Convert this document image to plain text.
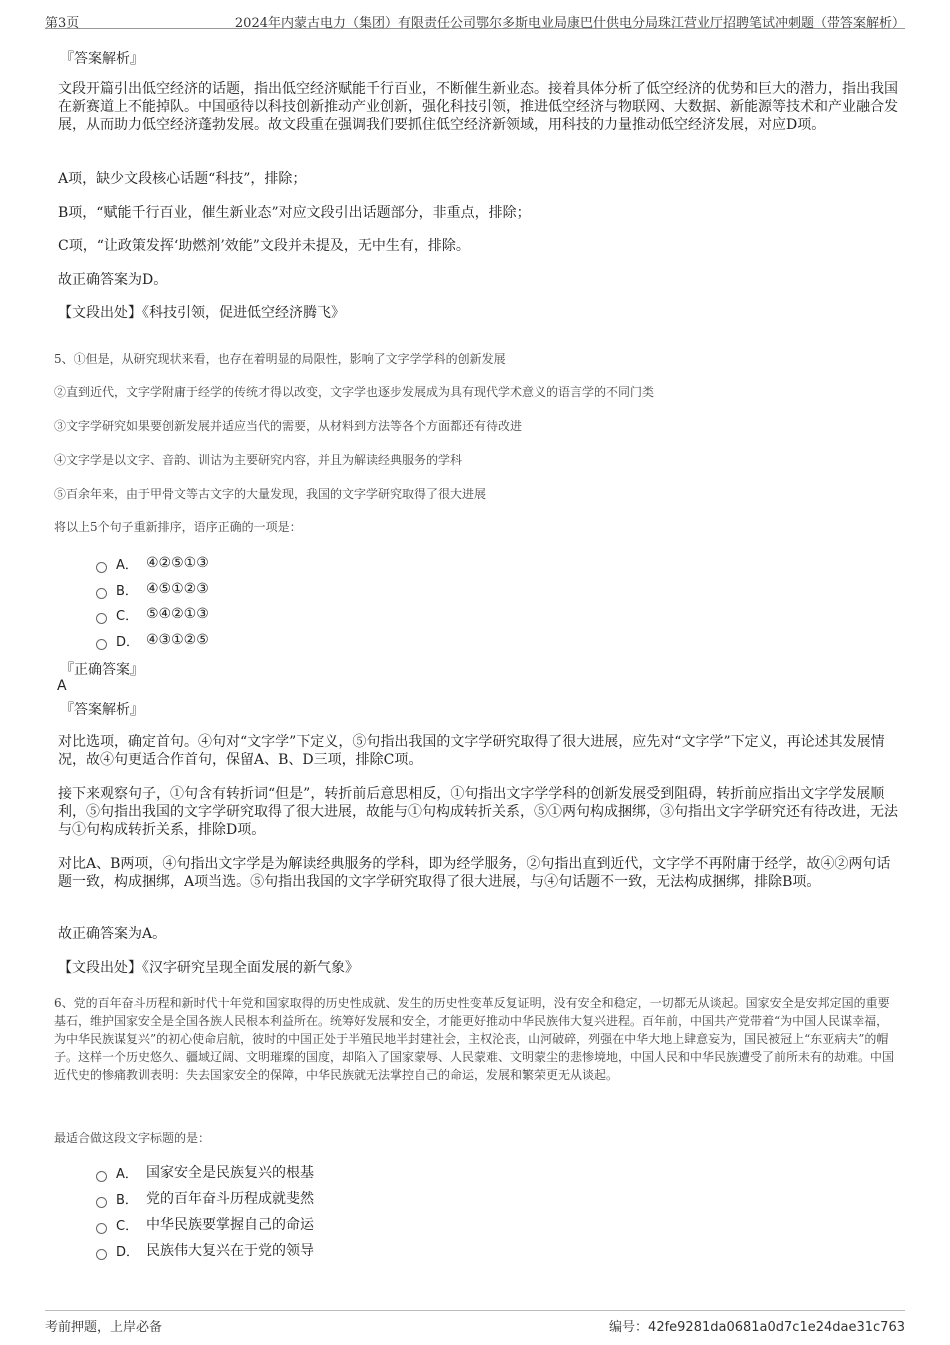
第3页	2024年内蒙古电力（集团）有限责任公司鄂尔多斯电业局康巴什供电分局珠江营业厅招聘笔试冲刺题（带答案解析）
『答案解析』
文段开篇引出低空经济的话题，指出低空经济赋能千行百业，不断催生新业态。接着具体分析了低空经济的优势和巨大的潜力，指出我国在新赛道上不能掉队。中国亟待以科技创新推动产业创新，强化科技引领，推进低空经济与物联网、大数据、新能源等技术和产业融合发展，从而助力低空经济蓬勃发展。故文段重在强调我们要抓住低空经济新领域，用科技的力量推动低空经济发展，对应D项。
A项，缺少文段核心话题“科技”，排除；
B项，“赋能千行百业，催生新业态”对应文段引出话题部分，非重点，排除；
C项，“让政策发挥‘助燃剂’效能”文段并未提及，无中生有，排除。
故正确答案为D。
【文段出处】《科技引领，促进低空经济腾飞》
5、①但是，从研究现状来看，也存在着明显的局限性，影响了文字学学科的创新发展
②直到近代，文字学附庸于经学的传统才得以改变，文字学也逐步发展成为具有现代学术意义的语言学的不同门类
③文字学研究如果要创新发展并适应当代的需要，从材料到方法等各个方面都还有待改进
④文字学是以文字、音韵、训诂为主要研究内容，并且为解读经典服务的学科
⑤百余年来，由于甲骨文等古文字的大量发现，我国的文字学研究取得了很大进展
将以上5个句子重新排序，语序正确的一项是：
A． ④②⑤①③
B． ④⑤①②③
C． ⑤④②①③
D． ④③①②⑤
『正确答案』
A
『答案解析』
对比选项，确定首句。④句对“文字学”下定义，⑤句指出我国的文字学研究取得了很大进展，应先对“文字学”下定义，再论述其发展情况，故④句更适合作首句，保留A、B、D三项，排除C项。
接下来观察句子，①句含有转折词“但是”，转折前后意思相反，①句指出文字学学科的创新发展受到阻碍，转折前应指出文字学发展顺利，⑤句指出我国的文字学研究取得了很大进展，故能与①句构成转折关系，⑤①两句构成捆绑，③句指出文字学研究还有待改进，无法与①句构成转折关系，排除D项。
对比A、B两项，④句指出文字学是为解读经典服务的学科，即为经学服务，②句指出直到近代，文字学不再附庸于经学，故④②两句话题一致，构成捆绑，A项当选。⑤句指出我国的文字学研究取得了很大进展，与④句话题不一致，无法构成捆绑，排除B项。
故正确答案为A。
【文段出处】《汉字研究呈现全面发展的新气象》
6、党的百年奋斗历程和新时代十年党和国家取得的历史性成就、发生的历史性变革反复证明，没有安全和稳定，一切都无从谈起。国家安全是安邦定国的重要基石，维护国家安全是全国各族人民根本利益所在。统筹好发展和安全，才能更好推动中华民族伟大复兴进程。百年前，中国共产党带着“为中国人民谋幸福，为中华民族谋复兴”的初心使命启航，彼时的中国正处于半殖民地半封建社会，主权沦丧，山河破碎，列强在中华大地上肆意妄为，国民被冠上“东亚病夫”的帽子。这样一个历史悠久、疆域辽阔、文明璀璨的国度，却陷入了国家蒙辱、人民蒙难、文明蒙尘的悲惨境地，中国人民和中华民族遭受了前所未有的劫难。中国近代史的惨痛教训表明：失去国家安全的保障，中华民族就无法掌控自己的命运，发展和繁荣更无从谈起。
最适合做这段文字标题的是：
A． 国家安全是民族复兴的根基
B． 党的百年奋斗历程成就斐然
C． 中华民族要掌握自己的命运
D． 民族伟大复兴在于党的领导
考前押题，上岸必备	编号：42fe9281da0681a0d7c1e24dae31c763
